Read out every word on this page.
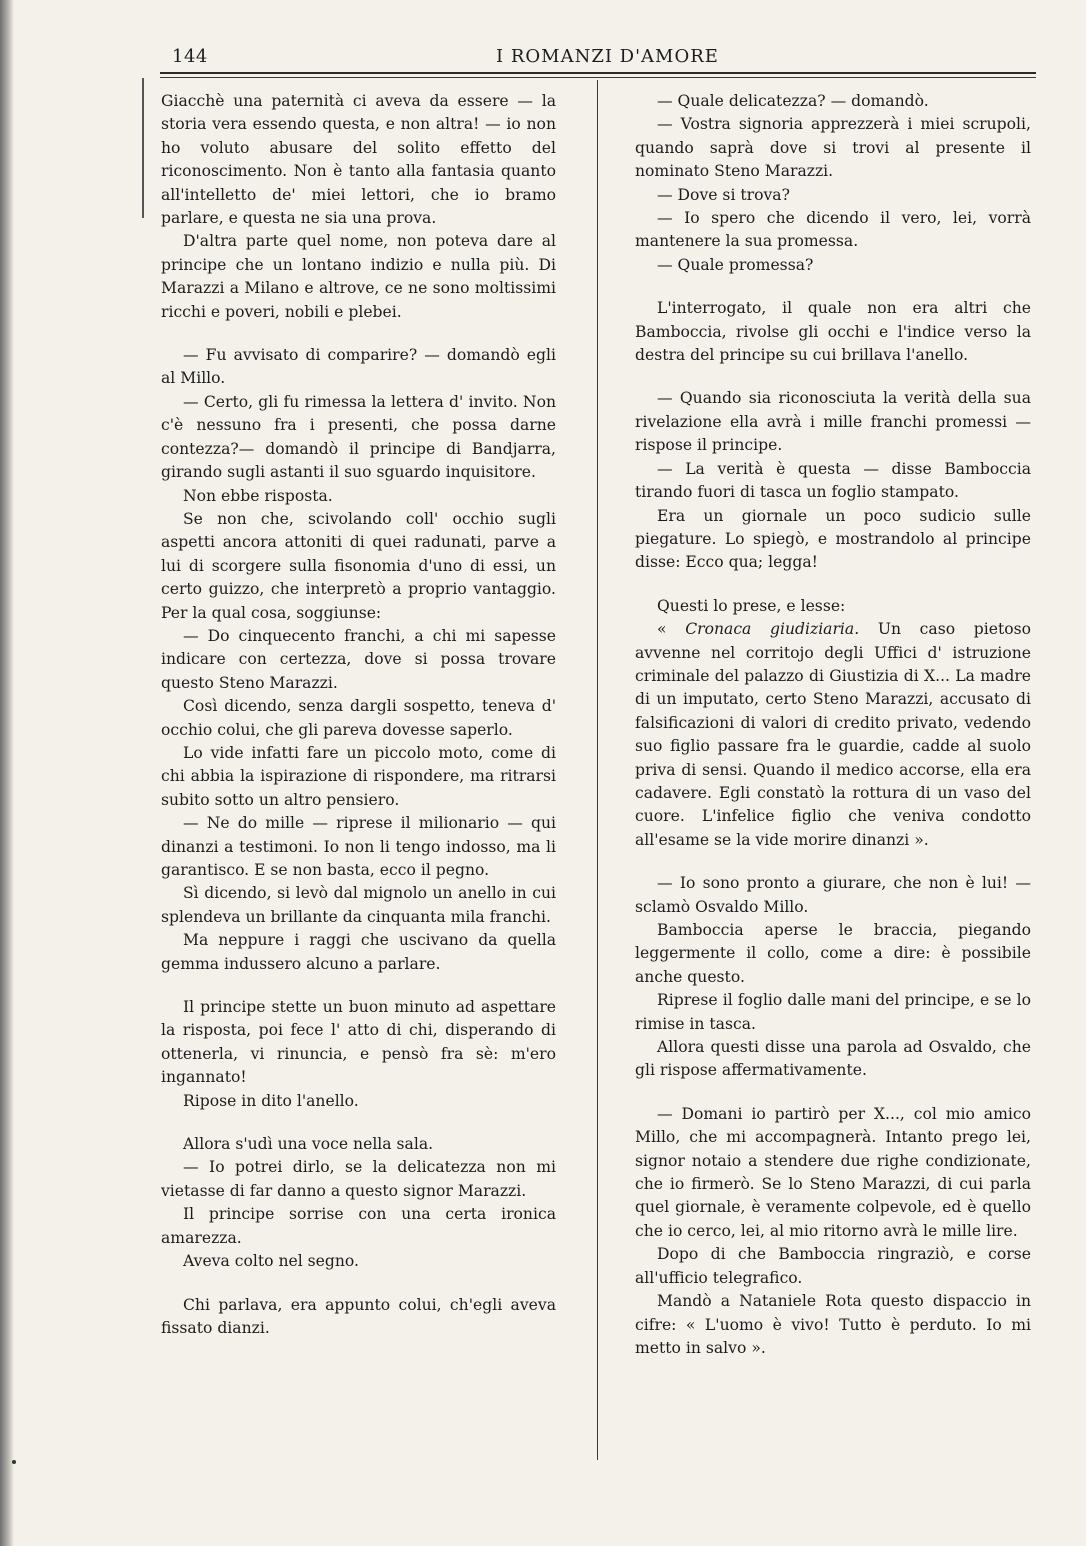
144	I ROMANZI D'AMORE

Giacchè una paternità ci aveva da essere — la storia vera essendo questa, e non altra! — io non ho voluto abusare del solito effetto del riconoscimento. Non è tanto alla fantasia quanto all'intelletto de' miei lettori, che io bramo parlare, e questa ne sia una prova.

D'altra parte quel nome, non poteva dare al principe che un lontano indizio e nulla più. Di Marazzi a Milano e altrove, ce ne sono moltissimi ricchi e poveri, nobili e plebei.

— Fu avvisato di comparire? — domandò egli al Millo.

— Certo, gli fu rimessa la lettera d' invito. Non c'è nessuno fra i presenti, che possa darne contezza?— domandò il principe di Bandjarra, girando sugli astanti il suo sguardo inquisitore.

Non ebbe risposta.

Se non che, scivolando coll' occhio sugli aspetti ancora attoniti di quei radunati, parve a lui di scorgere sulla fisonomia d'uno di essi, un certo guizzo, che interpretò a proprio vantaggio. Per la qual cosa, soggiunse:

— Do cinquecento franchi, a chi mi sapesse indicare con certezza, dove si possa trovare questo Steno Marazzi.

Così dicendo, senza dargli sospetto, teneva d' occhio colui, che gli pareva dovesse saperlo.

Lo vide infatti fare un piccolo moto, come di chi abbia la ispirazione di rispondere, ma ritrarsi subito sotto un altro pensiero.

— Ne do mille — riprese il milionario — qui dinanzi a testimoni. Io non li tengo indosso, ma li garantisco. E se non basta, ecco il pegno.

Sì dicendo, si levò dal mignolo un anello in cui splendeva un brillante da cinquanta mila franchi.

Ma neppure i raggi che uscivano da quella gemma indussero alcuno a parlare.

Il principe stette un buon minuto ad aspettare la risposta, poi fece l' atto di chi, disperando di ottenerla, vi rinuncia, e pensò fra sè: m'ero ingannato!

Ripose in dito l'anello.

Allora s'udì una voce nella sala.

— Io potrei dirlo, se la delicatezza non mi vietasse di far danno a questo signor Marazzi.

Il principe sorrise con una certa ironica amarezza.

Aveva colto nel segno.

Chi parlava, era appunto colui, ch'egli aveva fissato dianzi.

— Quale delicatezza? — domandò.

— Vostra signoria apprezzerà i miei scrupoli, quando saprà dove si trovi al presente il nominato Steno Marazzi.

— Dove si trova?

— Io spero che dicendo il vero, lei, vorrà mantenere la sua promessa.

— Quale promessa?

L'interrogato, il quale non era altri che Bamboccia, rivolse gli occhi e l'indice verso la destra del principe su cui brillava l'anello.

— Quando sia riconosciuta la verità della sua rivelazione ella avrà i mille franchi promessi — rispose il principe.

— La verità è questa — disse Bamboccia tirando fuori di tasca un foglio stampato.

Era un giornale un poco sudicio sulle piegature. Lo spiegò, e mostrandolo al principe disse: Ecco qua; legga!

Questi lo prese, e lesse:

« Cronaca giudiziaria. Un caso pietoso avvenne nel corritojo degli Uffici d' istruzione criminale del palazzo di Giustizia di X... La madre di un imputato, certo Steno Marazzi, accusato di falsificazioni di valori di credito privato, vedendo suo figlio passare fra le guardie, cadde al suolo priva di sensi. Quando il medico accorse, ella era cadavere. Egli constatò la rottura di un vaso del cuore. L'infelice figlio che veniva condotto all'esame se la vide morire dinanzi ».

— Io sono pronto a giurare, che non è lui! — sclamò Osvaldo Millo.

Bamboccia aperse le braccia, piegando leggermente il collo, come a dire: è possibile anche questo.

Riprese il foglio dalle mani del principe, e se lo rimise in tasca.

Allora questi disse una parola ad Osvaldo, che gli rispose affermativamente.

— Domani io partirò per X..., col mio amico Millo, che mi accompagnerà. Intanto prego lei, signor notaio a stendere due righe condizionate, che io firmerò. Se lo Steno Marazzi, di cui parla quel giornale, è veramente colpevole, ed è quello che io cerco, lei, al mio ritorno avrà le mille lire.

Dopo di che Bamboccia ringraziò, e corse all'ufficio telegrafico.

Mandò a Nataniele Rota questo dispaccio in cifre: « L'uomo è vivo! Tutto è perduto. Io mi metto in salvo ».
